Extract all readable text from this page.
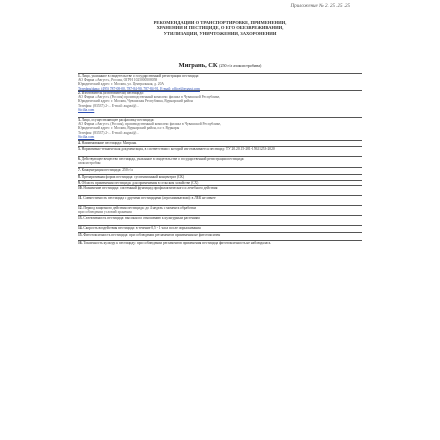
Приложение № 2. 25 .25 .25
РЕКОМЕНДАЦИИ О ТРАНСПОРТИРОВКЕ, ПРИМЕНЕНИИ,
ХРАНЕНИИ И ПЕСТИЦИДЕ, О ЕГО ОБЕЗВРЕЖИВАНИИ,
УТИЛИЗАЦИИ, УНИЧТОЖЕНИИ, ЗАХОРОНЕНИИ
Мигрань, СК (250 г/л азоксистробина)
1. Лицо, указанное в свидетельстве о государственной регистрации пестицида:
АО Фирма «Август», Россия, ОГРН 1025000508058
Юридический адрес: г. Москва, ул. Центральная, д. 20А
Телефон/факс: (495) 787-08-00, 787-84-90, 787-84-91, E-mail: office@avgust.com
2. Изготовитель (изготовители) пестицида:
АО Фирма «Август» (Россия) производственный комплекс филиал в Чувашской Республике,
Юридический адрес: г. Москва, Чувашская Республика, Вурнарский район
Телефон: (83537) 2-... E-mail: august@...
Sicilia.com
3. Лицо, осуществляющее расфасовку пестицида:
АО Фирма «Август» (Россия), производственный комплекс филиал в Чувашской Республике,
Юридический адрес: г. Москва, Вурнарский район, п.г.т. Вурнары
Телефон: (83537) 2-... E-mail: august@...
Sicilia.com
4. Наименование пестицида: Мигрань
5. Нормативно-техническая документация, в соответствии с которой изготавливается пестицид: ТУ 20.20.15-281-15921253-2020
6. Действующее вещество пестицида, указанное в свидетельстве о государственной регистрации пестицида:
азоксистробин
7. Концентрация пестицида: 250 г/л
8. Препаративная форма пестицида: суспензионный концентрат (СК)
9. Область применения пестицида: для применения в сельском хозяйстве (СХ)
10. Назначение пестицида: системный фунгицид профилактического и лечебного действия
11. Совместимость пестицида с другими пестицидами (агрохимикатами): в ЛЕК не менее
12. Период защитного действия пестицида: до 4 недель с момента обработки
при соблюдении условий хранения
13. Селективность пестицида: высокая по отношению к культурным растениям
14. Скорость воздействия пестицида: в течение 0,5 - 1 часа после опрыскивания
15. Фитотоксичность пестицида: при соблюдении регламентов применения не фитотоксичен
16. Токсичность культур к пестициду: при соблюдении регламентов применения пестицида фитотоксичность не наблюдалась
